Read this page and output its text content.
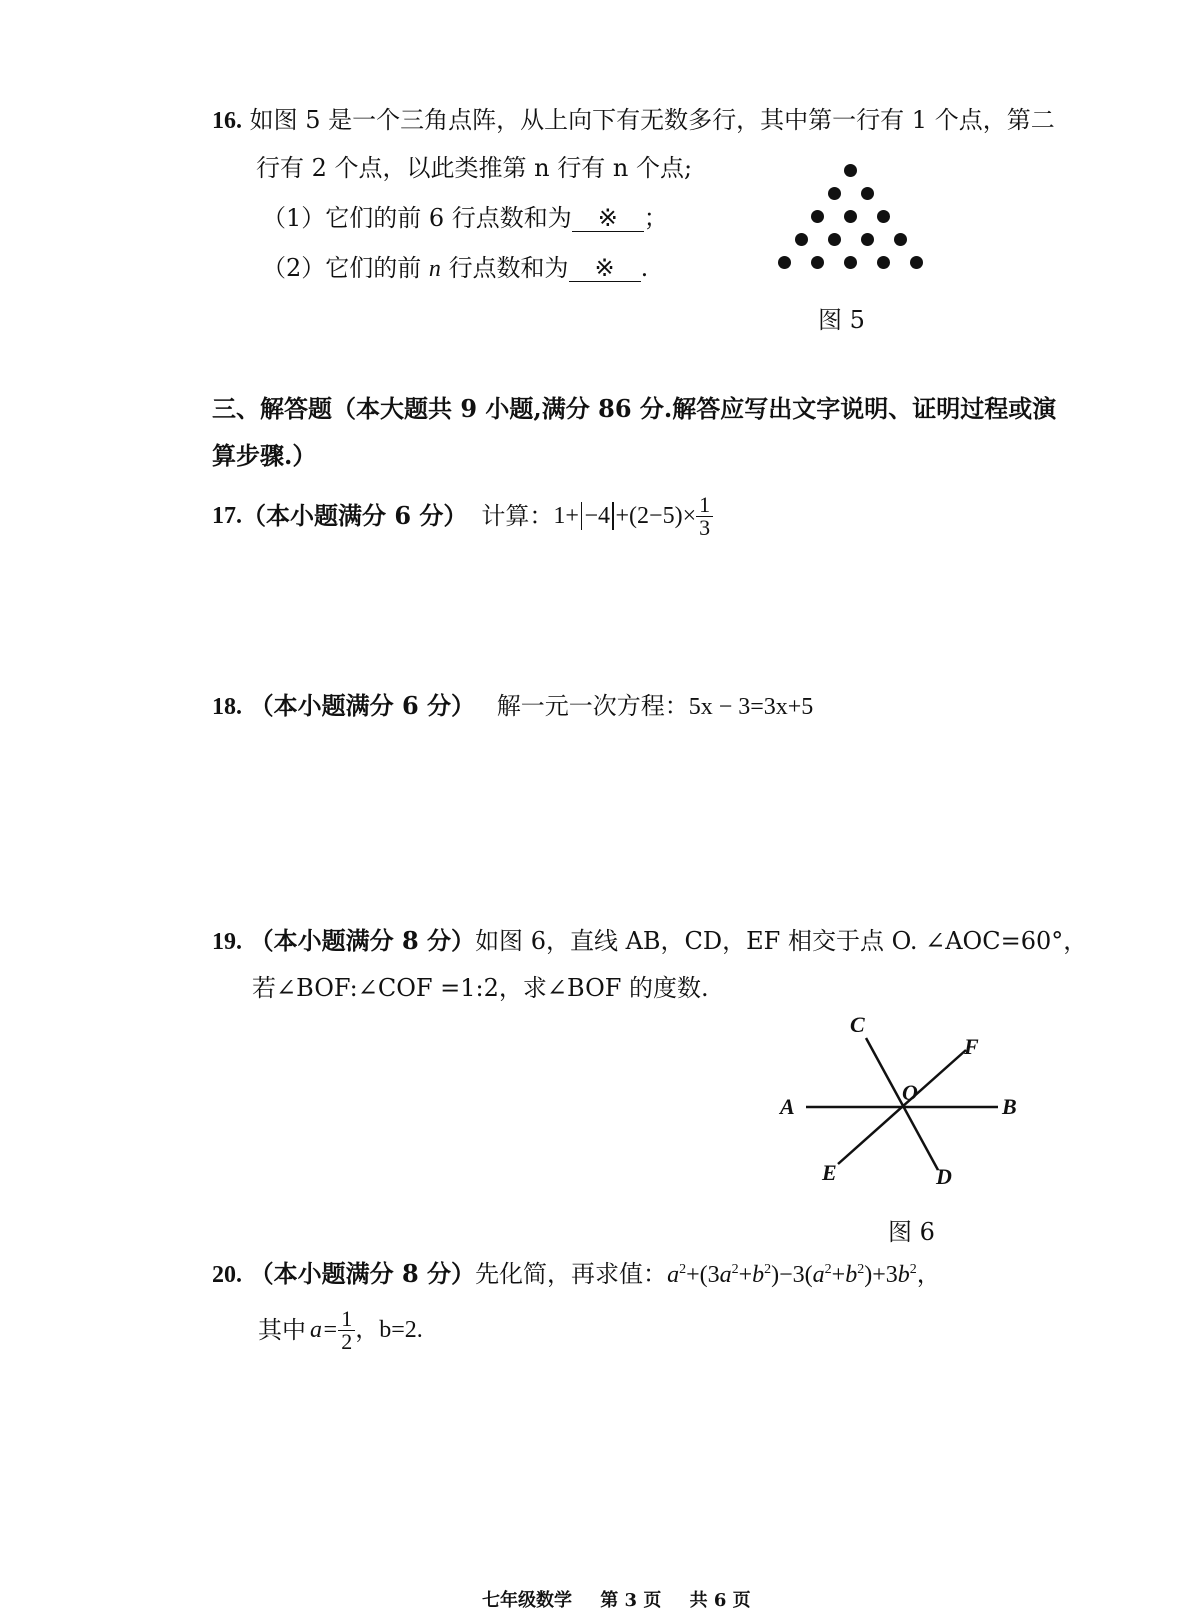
16. 如图 5 是一个三角点阵，从上向下有无数多行，其中第一行有 1 个点，第二
行有 2 个点，以此类推第 n 行有 n 个点;
（1）它们的前 6 行点数和为 ※ ；
（2）它们的前 n 行点数和为 ※ .
图 5
三、解答题（本大题共 9 小题,满分 86 分.解答应写出文字说明、证明过程或演
算步骤.）
17. （本小题满分 6 分） 计算： $1+ -4 +(2-5)\times \frac{1}{3}$
18. （本小题满分 6 分） 解一元一次方程：5x − 3=3x+5
19. （本小题满分 8 分）如图 6，直线 AB，CD，EF 相交于点 O. ∠AOC=60°，
若∠BOF:∠COF =1:2，求∠BOF 的度数.
A	B
C
D
E
F
O
图 6
20. （本小题满分 8 分）先化简，再求值：$a^2+(3a^2+b^2)-3(a^2+b^2)+3b^2$，
其中 $a= \frac{1}{2}$ ，b=2.
七年级数学 第 3 页 共 6 页
